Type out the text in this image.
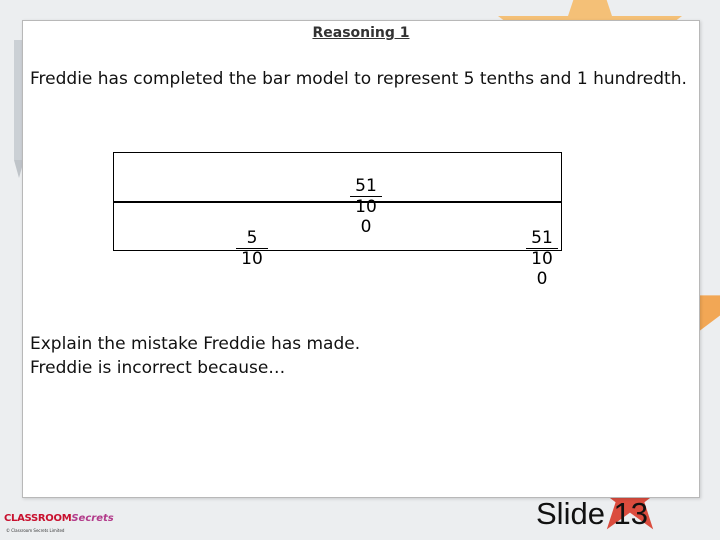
Reasoning 1
Freddie has completed the bar model to represent 5 tenths and 1 hundredth.
Explain the mistake Freddie has made.
Freddie is incorrect because…
$\frac{5}{10}$
51
10
0
51
10
0
CLASSROOMSecrets
© Classroom Secrets Limited	Slide 13
